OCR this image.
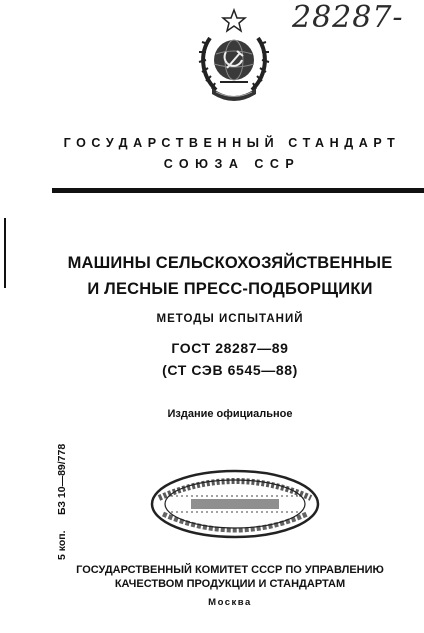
28287-
ГОСУДАРСТВЕННЫЙ СТАНДАРТ
СОЮЗА ССР
МАШИНЫ СЕЛЬСКОХОЗЯЙСТВЕННЫЕ
И ЛЕСНЫЕ ПРЕСС-ПОДБОРЩИКИ
МЕТОДЫ ИСПЫТАНИЙ
ГОСТ 28287—89
(СТ СЭВ 6545—88)
Издание официальное
5 коп.
БЗ 10—89/778
ГОСУДАРСТВЕННЫЙ КОМИТЕТ СССР ПО УПРАВЛЕНИЮ
КАЧЕСТВОМ ПРОДУКЦИИ И СТАНДАРТАМ
Москва
